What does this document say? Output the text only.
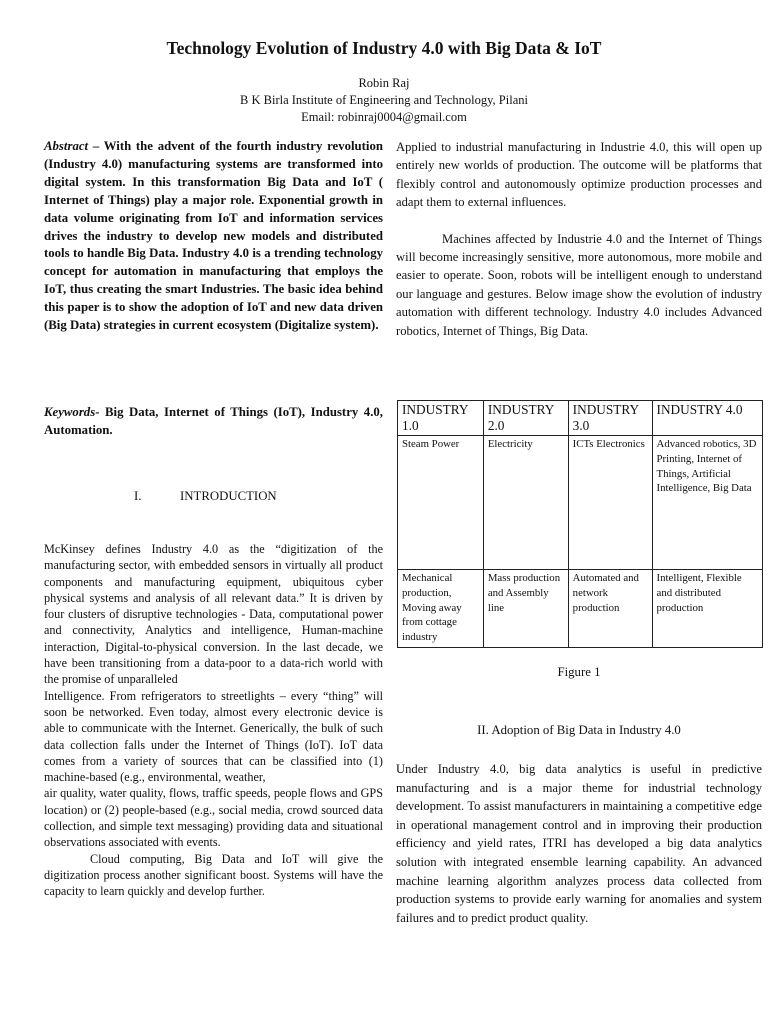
Technology Evolution of Industry 4.0 with Big Data & IoT
Robin Raj
B K Birla Institute of Engineering and Technology, Pilani
Email: robinraj0004@gmail.com

Abstract – With the advent of the fourth industry revolution (Industry 4.0) manufacturing systems are transformed into digital system. In this transformation Big Data and IoT ( Internet of Things) play a major role. Exponential growth in data volume originating from IoT and information services drives the industry to develop new models and distributed tools to handle Big Data. Industry 4.0 is a trending technology concept for automation in manufacturing that employs the IoT, thus creating the smart Industries. The basic idea behind this paper is to show the adoption of IoT and new data driven (Big Data) strategies in current ecosystem (Digitalize system).

Keywords- Big Data, Internet of Things (IoT), Industry 4.0, Automation.

I.	INTRODUCTION

McKinsey defines Industry 4.0 as the “digitization of the manufacturing sector, with embedded sensors in virtually all product components and manufacturing equipment, ubiquitous cyber physical systems and analysis of all relevant data.” It is driven by four clusters of disruptive technologies - Data, computational power and connectivity, Analytics and intelligence, Human-machine interaction, Digital-to-physical conversion. In the last decade, we have been transitioning from a data-poor to a data-rich world with the promise of unparalleled

Intelligence. From refrigerators to streetlights – every “thing” will soon be networked. Even today, almost every electronic device is able to communicate with the Internet. Generically, the bulk of such data collection falls under the Internet of Things (IoT). IoT data comes from a variety of sources that can be classified into (1) machine-based (e.g., environmental, weather,

air quality, water quality, flows, traffic speeds, people flows and GPS location) or (2) people-based (e.g., social media, crowd sourced data collection, and simple text messaging) providing data and situational observations associated with events.

Cloud computing, Big Data and IoT will give the digitization process another significant boost. Systems will have the capacity to learn quickly and develop further.

Applied to industrial manufacturing in Industrie 4.0, this will open up entirely new worlds of production. The outcome will be platforms that flexibly control and autonomously optimize production processes and adapt them to external influences.

Machines affected by Industrie 4.0 and the Internet of Things will become increasingly sensitive, more autonomous, more mobile and easier to operate. Soon, robots will be intelligent enough to understand our language and gestures. Below image show the evolution of industry automation with different technology. Industry 4.0 includes Advanced robotics, Internet of Things, Big Data.

INDUSTRY 1.0	INDUSTRY 2.0	INDUSTRY 3.0	INDUSTRY 4.0
Steam Power	Electricity	ICTs Electronics	Advanced robotics, 3D Printing, Internet of Things, Artificial Intelligence, Big Data
Mechanical production, Moving away from cottage industry	Mass production and Assembly line	Automated and network production	Intelligent, Flexible and distributed production
Figure 1
II. Adoption of Big Data in Industry 4.0

Under Industry 4.0, big data analytics is useful in predictive manufacturing and is a major theme for industrial technology development. To assist manufacturers in maintaining a competitive edge in operational management control and in improving their production efficiency and yield rates, ITRI has developed a big data analytics solution with integrated ensemble learning capability. An advanced machine learning algorithm analyzes process data collected from production systems to provide early warning for anomalies and system failures and to predict product quality.
